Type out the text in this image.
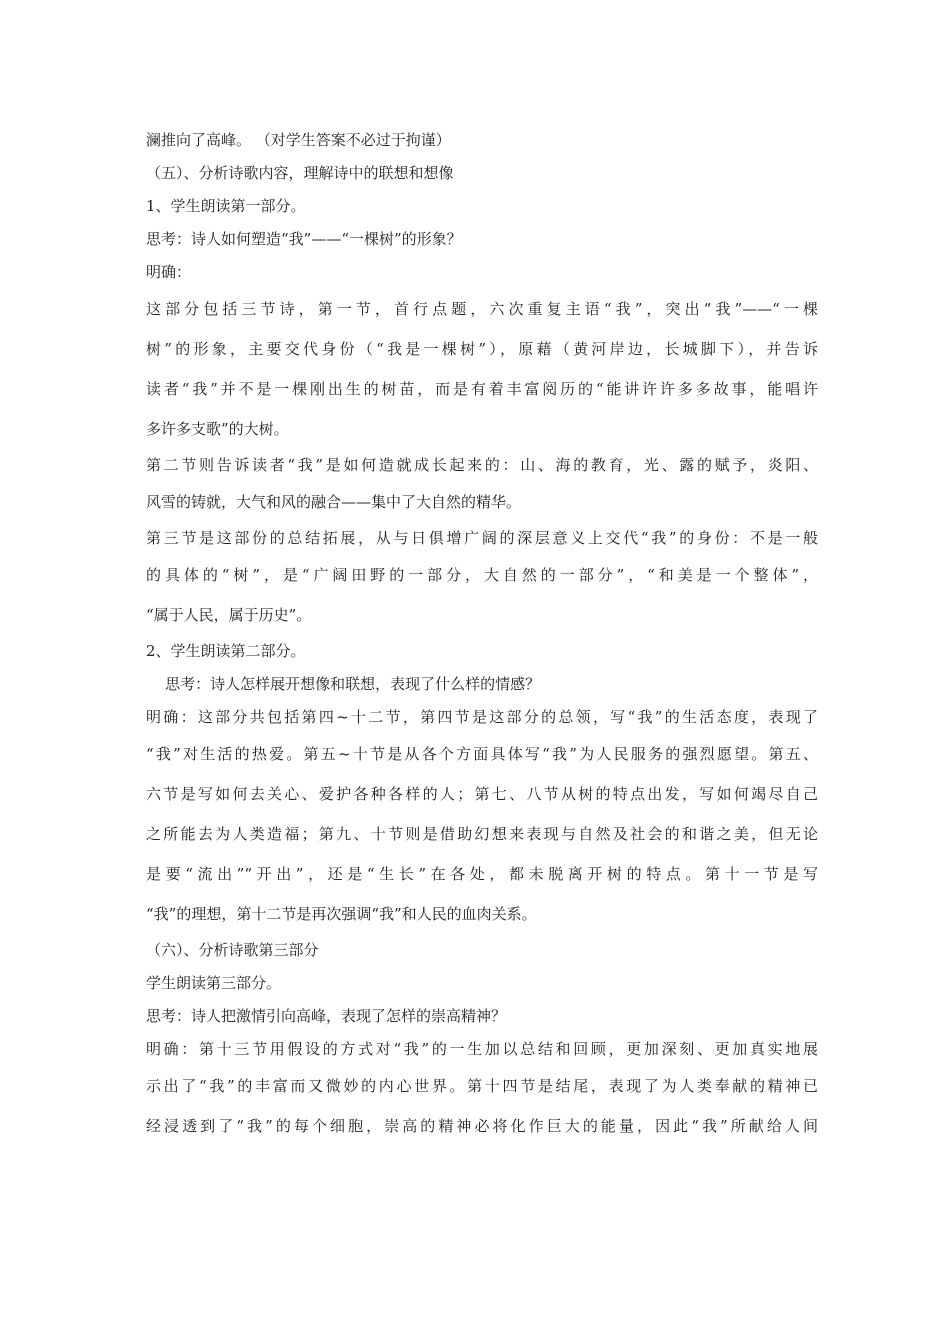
澜推向了高峰。 （对学生答案不必过于拘谨）

（五）、分析诗歌内容，理解诗中的联想和想像

1、学生朗读第一部分。

思考：诗人如何塑造“我”——“一棵树”的形象？

明确：

这部分包括三节诗，第一节，首行点题，六次重复主语“我”，突出“我”——“一棵

树”的形象，主要交代身份（“我是一棵树”），原藉（黄河岸边，长城脚下），并告诉

读者“我”并不是一棵刚出生的树苗，而是有着丰富阅历的“能讲许许多多故事，能唱许

多许多支歌”的大树。

第二节则告诉读者“我”是如何造就成长起来的：山、海的教育，光、露的赋予，炎阳、

风雪的铸就，大气和风的融合——集中了大自然的精华。

第三节是这部份的总结拓展，从与日俱增广阔的深层意义上交代“我”的身份：不是一般

的具体的“树”，是“广阔田野的一部分，大自然的一部分”，“和美是一个整体”，

“属于人民，属于历史”。

2、学生朗读第二部分。

思考：诗人怎样展开想像和联想，表现了什么样的情感？

明确：这部分共包括第四~十二节，第四节是这部分的总领，写“我”的生活态度，表现了

“我”对生活的热爱。第五~十节是从各个方面具体写“我”为人民服务的强烈愿望。第五、

六节是写如何去关心、爱护各种各样的人；第七、八节从树的特点出发，写如何竭尽自己

之所能去为人类造福；第九、十节则是借助幻想来表现与自然及社会的和谐之美，但无论

是要“流出”“开出”，还是“生长”在各处，都未脱离开树的特点。第十一节是写

“我”的理想，第十二节是再次强调“我”和人民的血肉关系。

（六）、分析诗歌第三部分

学生朗读第三部分。

思考：诗人把激情引向高峰，表现了怎样的崇高精神？

明确：第十三节用假设的方式对“我”的一生加以总结和回顾，更加深刻、更加真实地展

示出了“我”的丰富而又微妙的内心世界。第十四节是结尾，表现了为人类奉献的精神已

经浸透到了“我”的每个细胞，崇高的精神必将化作巨大的能量，因此“我”所献给人间
